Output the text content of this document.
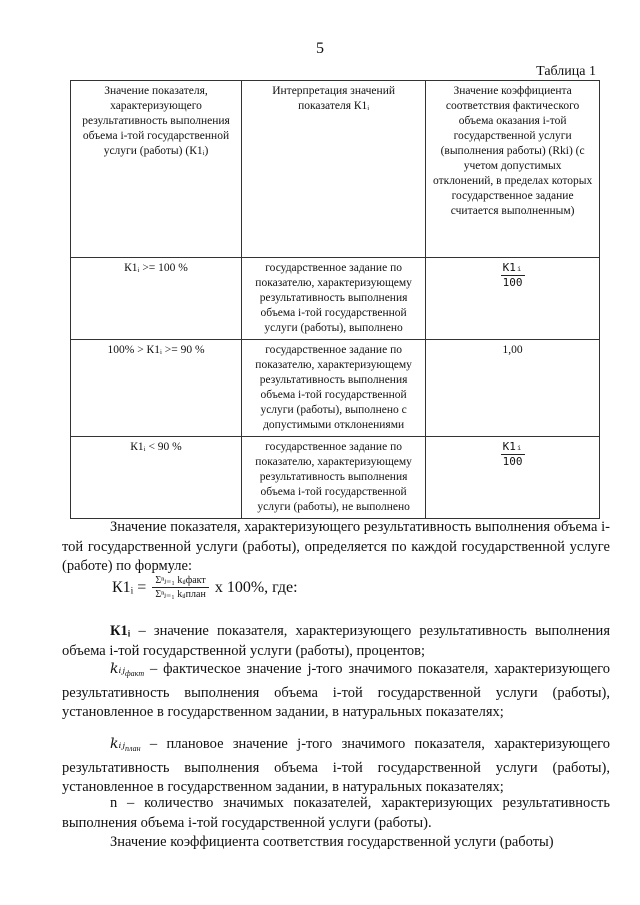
5
Таблица 1
Значение показателя, характеризующего результативность выполнения объема i-той государственной услуги (работы) (К1ᵢ)	Интерпретация значений показателя К1ᵢ	Значение коэффициента соответствия фактического объема оказания i-той государственной услуги (выполнения работы) (Rki) (с учетом допустимых отклонений, в пределах которых государственное задание считается выполненным)
К1ᵢ >= 100 %	государственное задание по показателю, характеризующему результативность выполнения объема i-той государственной услуги (работы), выполнено	$\frac{\text{К1ᵢ}}{100}$

100% > К1ᵢ >= 90 %	государственное задание по показателю, характеризующему результативность выполнения объема i-той государственной услуги (работы), выполнено с допустимыми отклонениями	1,00
К1ᵢ < 90 %	государственное задание по показателю, характеризующему результативность выполнения объема i-той государственной услуги (работы), не выполнено	$\frac{\text{К1ᵢ}}{100}$
Значение показателя, характеризующего результативность выполнения объема i-той государственной услуги (работы), определяется по каждой государственной услуге (работе) по формуле:
К1ᵢ = $\frac{\text{Σⁿⱼ₌₁ kᵢⱼфакт}}{\text{Σⁿⱼ₌₁ kᵢⱼплан}}$ х 100%, где:
К1ᵢ – значение показателя, характеризующего результативность выполнения объема i-той государственной услуги (работы), процентов;
kᵢⱼ$_{факт}$ – фактическое значение j-того значимого показателя, характеризующего результативность выполнения объема i-той государственной услуги (работы), установленное в государственном задании, в натуральных показателях;
kᵢⱼ$_{план}$ – плановое значение j-того значимого показателя, характеризующего результативность выполнения объема i-той государственной услуги (работы), установленное в государственном задании, в натуральных показателях;
n – количество значимых показателей, характеризующих результативность выполнения объема i-той государственной услуги (работы).
Значение коэффициента соответствия государственной услуги (работы)
